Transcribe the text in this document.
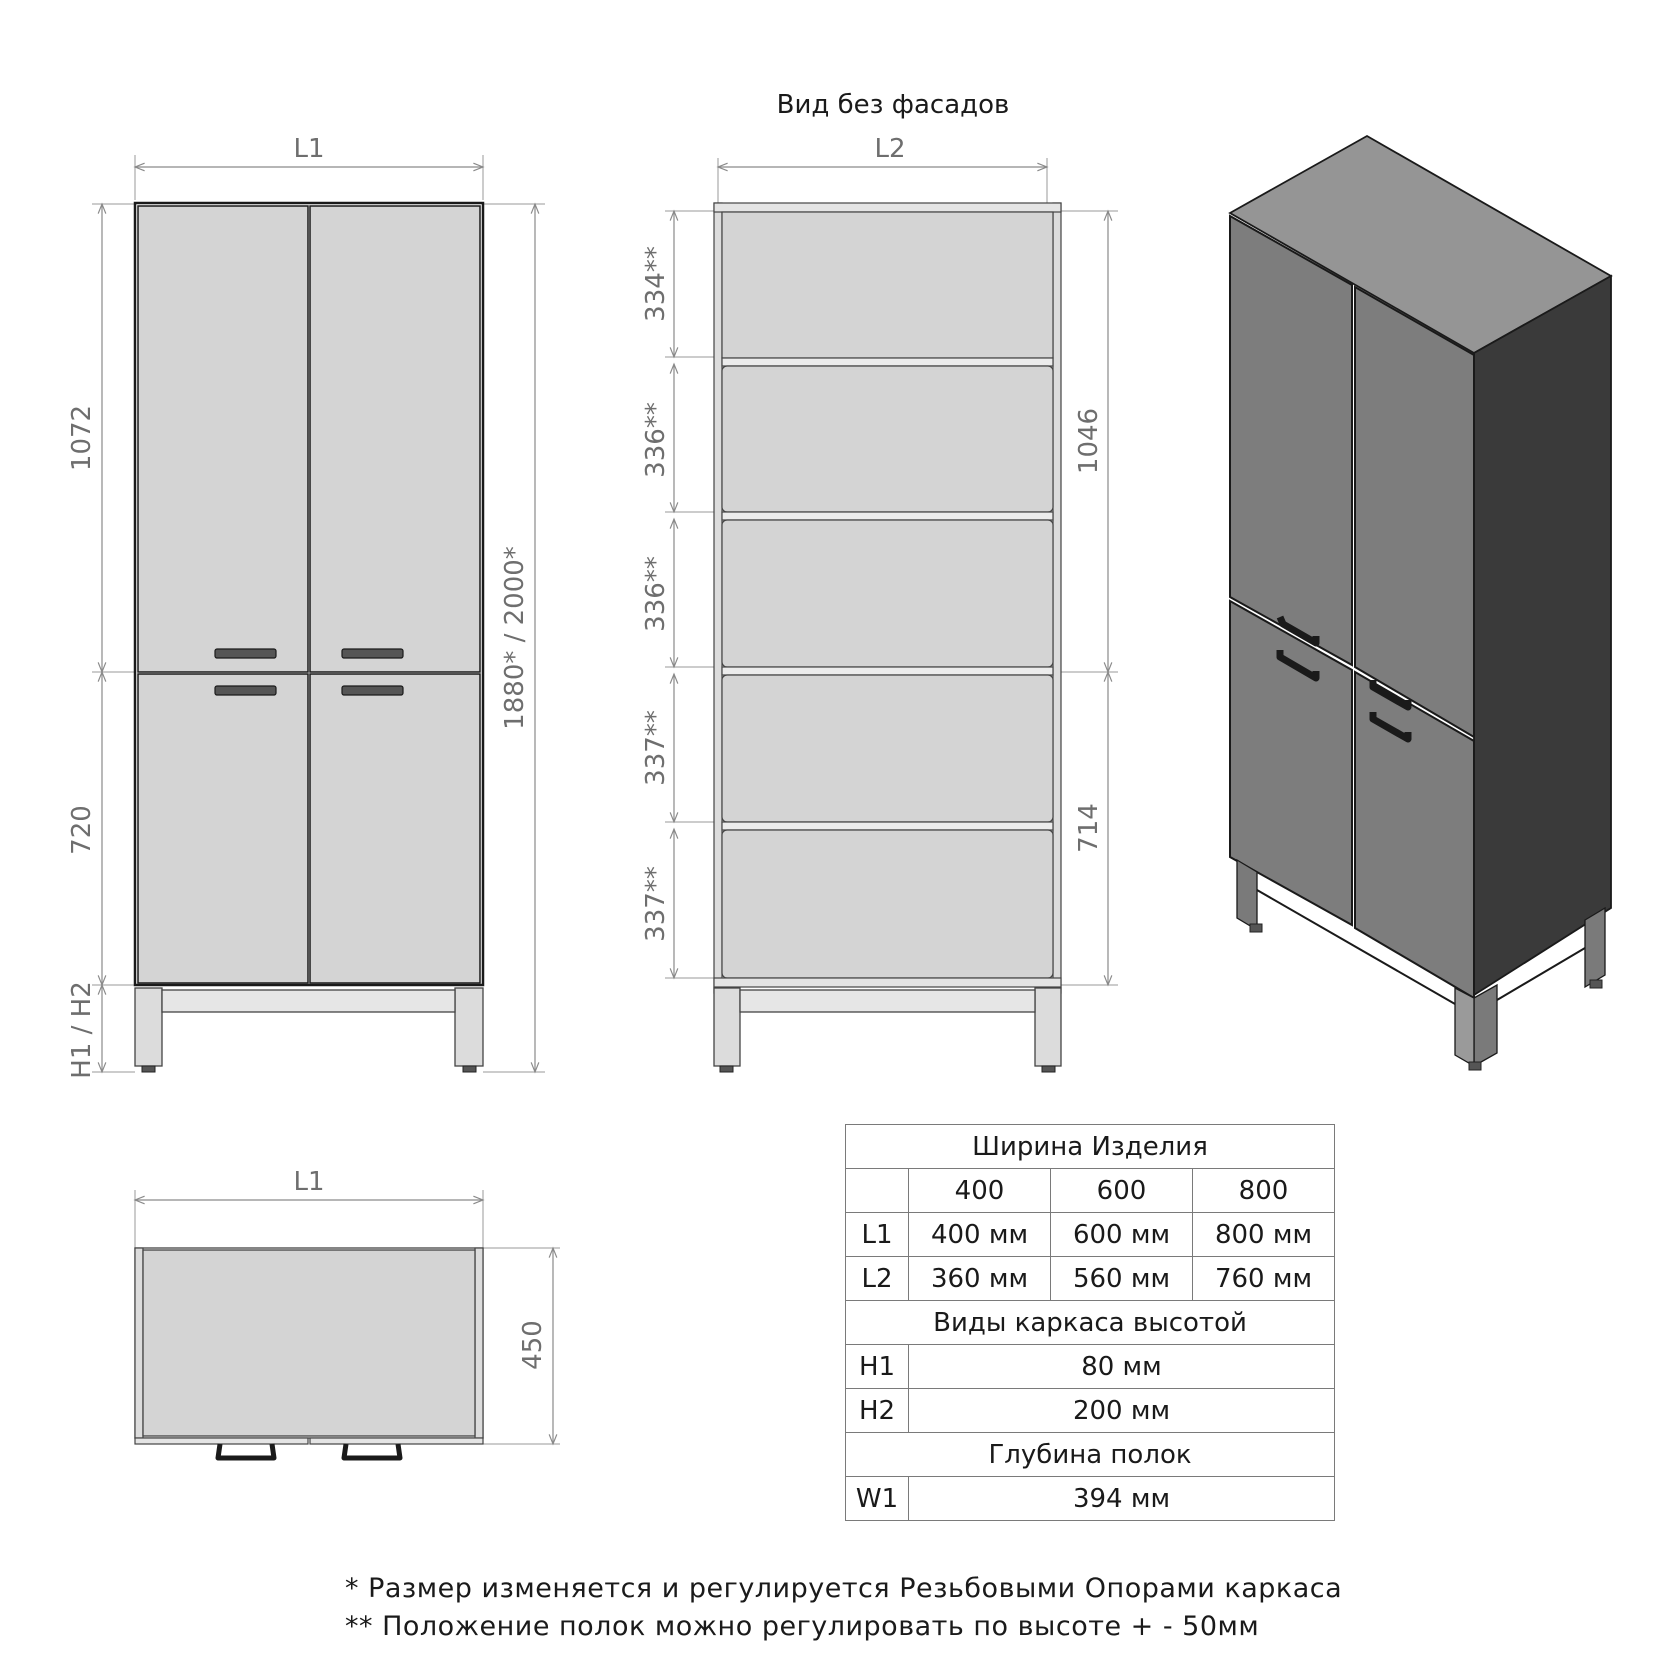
L1
1072
720
H1 / H2
1880* / 2000*
Вид без фасадов
L2
334**
336**
336**
337**
337**
1046
714
L1
450
Ширина Изделия			
	400	600	800
L1	400 мм	600 мм	800 мм
L2	360 мм	560 мм	760 мм
Виды каркаса высотой			
H1	80 мм		
H2	200 мм		
Глубина полок			
W1	394 мм		
* Размер изменяется и регулируется Резьбовыми Опорами каркаса
** Положение полок можно регулировать по высоте + - 50мм
